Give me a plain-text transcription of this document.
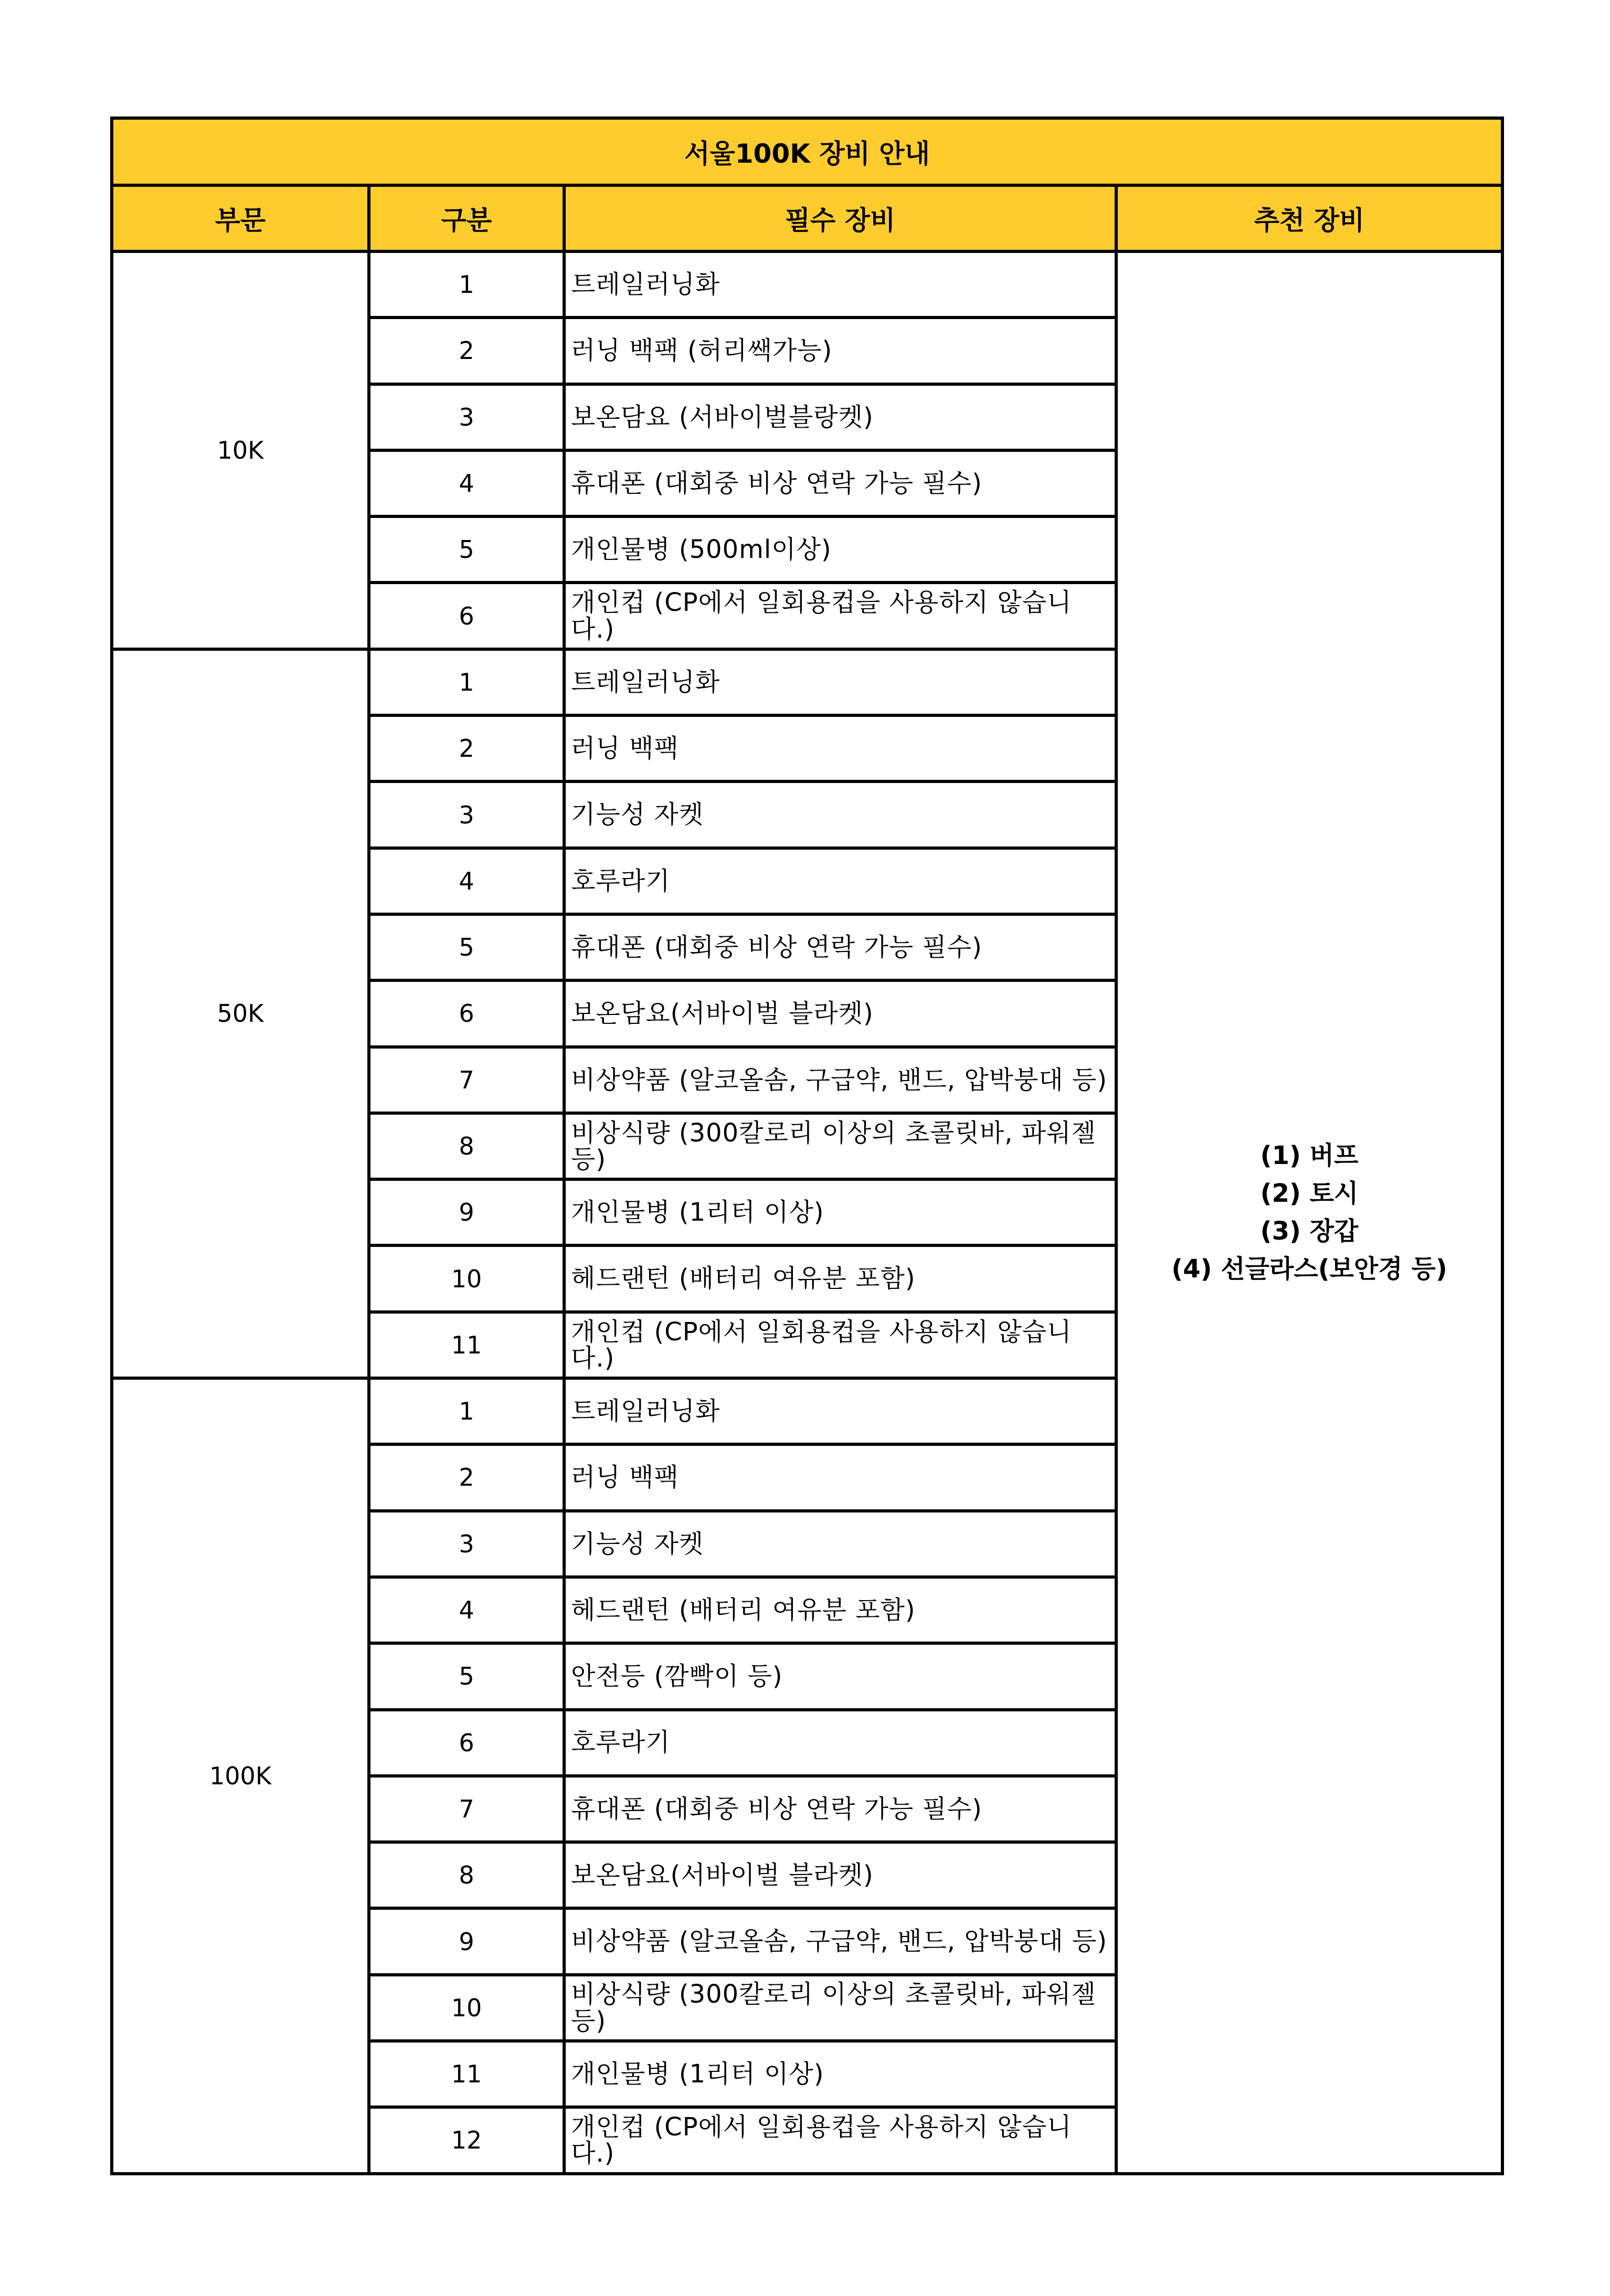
서울100K 장비 안내			
부문	구분	필수 장비	추천 장비
10K	1	트레일러닝화	(1) 버프
(2) 토시
(3) 장갑
(4) 선글라스(보안경 등)

	2	러닝 백팩 (허리쌕가능)	

	3	보온담요 (서바이벌블랑켓)	

	4	휴대폰 (대회중 비상 연락 가능 필수)	

	5	개인물병 (500ml이상)	

	6	개인컵 (CP에서 일회용컵을 사용하지 않습니다.)	

50K	1	트레일러닝화	

	2	러닝 백팩	

	3	기능성 자켓	

	4	호루라기	

	5	휴대폰 (대회중 비상 연락 가능 필수)	

	6	보온담요(서바이벌 블라켓)	

	7	비상약품 (알코올솜, 구급약, 밴드, 압박붕대 등)	

	8	비상식량 (300칼로리 이상의 초콜릿바, 파워젤 등)	

	9	개인물병 (1리터 이상)	

	10	헤드랜턴 (배터리 여유분 포함)	

	11	개인컵 (CP에서 일회용컵을 사용하지 않습니다.)	

100K	1	트레일러닝화	

	2	러닝 백팩	

	3	기능성 자켓	

	4	헤드랜턴 (배터리 여유분 포함)	

	5	안전등 (깜빡이 등)	

	6	호루라기	

	7	휴대폰 (대회중 비상 연락 가능 필수)	

	8	보온담요(서바이벌 블라켓)	

	9	비상약품 (알코올솜, 구급약, 밴드, 압박붕대 등)	

	10	비상식량 (300칼로리 이상의 초콜릿바, 파워젤 등)	

	11	개인물병 (1리터 이상)	

	12	개인컵 (CP에서 일회용컵을 사용하지 않습니다.)	
